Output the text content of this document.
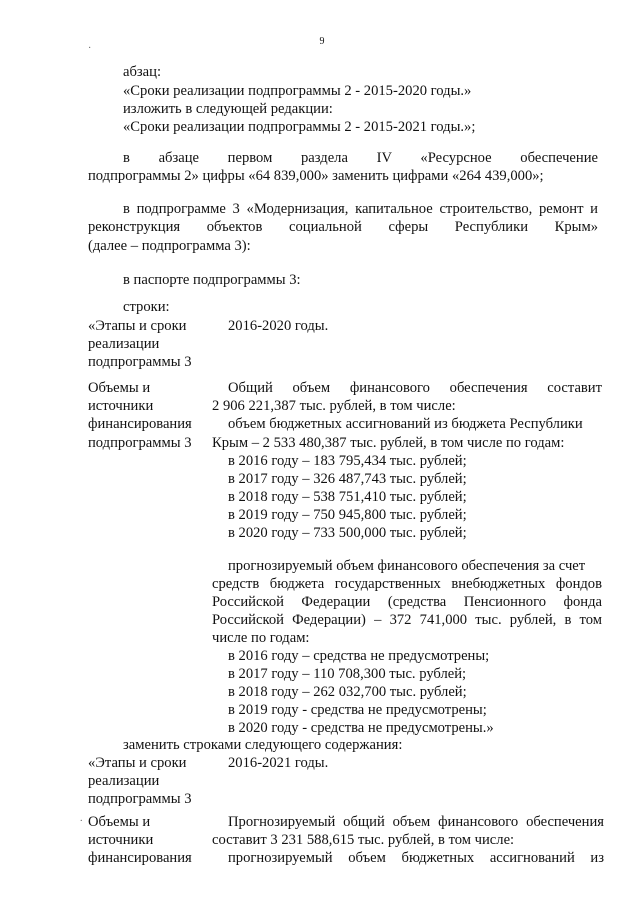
9
·
абзац:
«Сроки реализации подпрограммы 2 - 2015-2020 годы.»
изложить в следующей редакции:
«Сроки реализации подпрограммы 2 - 2015-2021 годы.»;
в абзаце первом раздела IV «Ресурсное обеспечение
подпрограммы 2» цифры «64 839,000» заменить цифрами «264 439,000»;
в подпрограмме 3 «Модернизация, капитальное строительство, ремонт и
реконструкция объектов социальной сферы Республики Крым»
(далее – подпрограмма 3):
в паспорте подпрограммы 3:
строки:
«Этапы и сроки
реализации
подпрограммы 3
2016-2020 годы.
Объемы и
источники
финансирования
подпрограммы 3
Общий объем финансового обеспечения составит
2 906 221,387 тыс. рублей, в том числе:
объем бюджетных ассигнований из бюджета Республики
Крым – 2 533 480,387 тыс. рублей, в том числе по годам:
в 2016 году – 183 795,434 тыс. рублей;
в 2017 году – 326 487,743 тыс. рублей;
в 2018 году – 538 751,410 тыс. рублей;
в 2019 году – 750 945,800 тыс. рублей;
в 2020 году – 733 500,000 тыс. рублей;
прогнозируемый объем финансового обеспечения за счет
средств бюджета государственных внебюджетных фондов
Российской Федерации (средства Пенсионного фонда
Российской Федерации) – 372 741,000 тыс. рублей, в том
числе по годам:
в 2016 году – средства не предусмотрены;
в 2017 году – 110 708,300 тыс. рублей;
в 2018 году – 262 032,700 тыс. рублей;
в 2019 году - средства не предусмотрены;
в 2020 году - средства не предусмотрены.»
заменить строками следующего содержания:
«Этапы и сроки
реализации
подпрограммы 3
2016-2021 годы.
. Объемы и
источники
финансирования
Прогнозируемый общий объем финансового обеспечения
составит 3 231 588,615 тыс. рублей, в том числе:
прогнозируемый объем бюджетных ассигнований из
